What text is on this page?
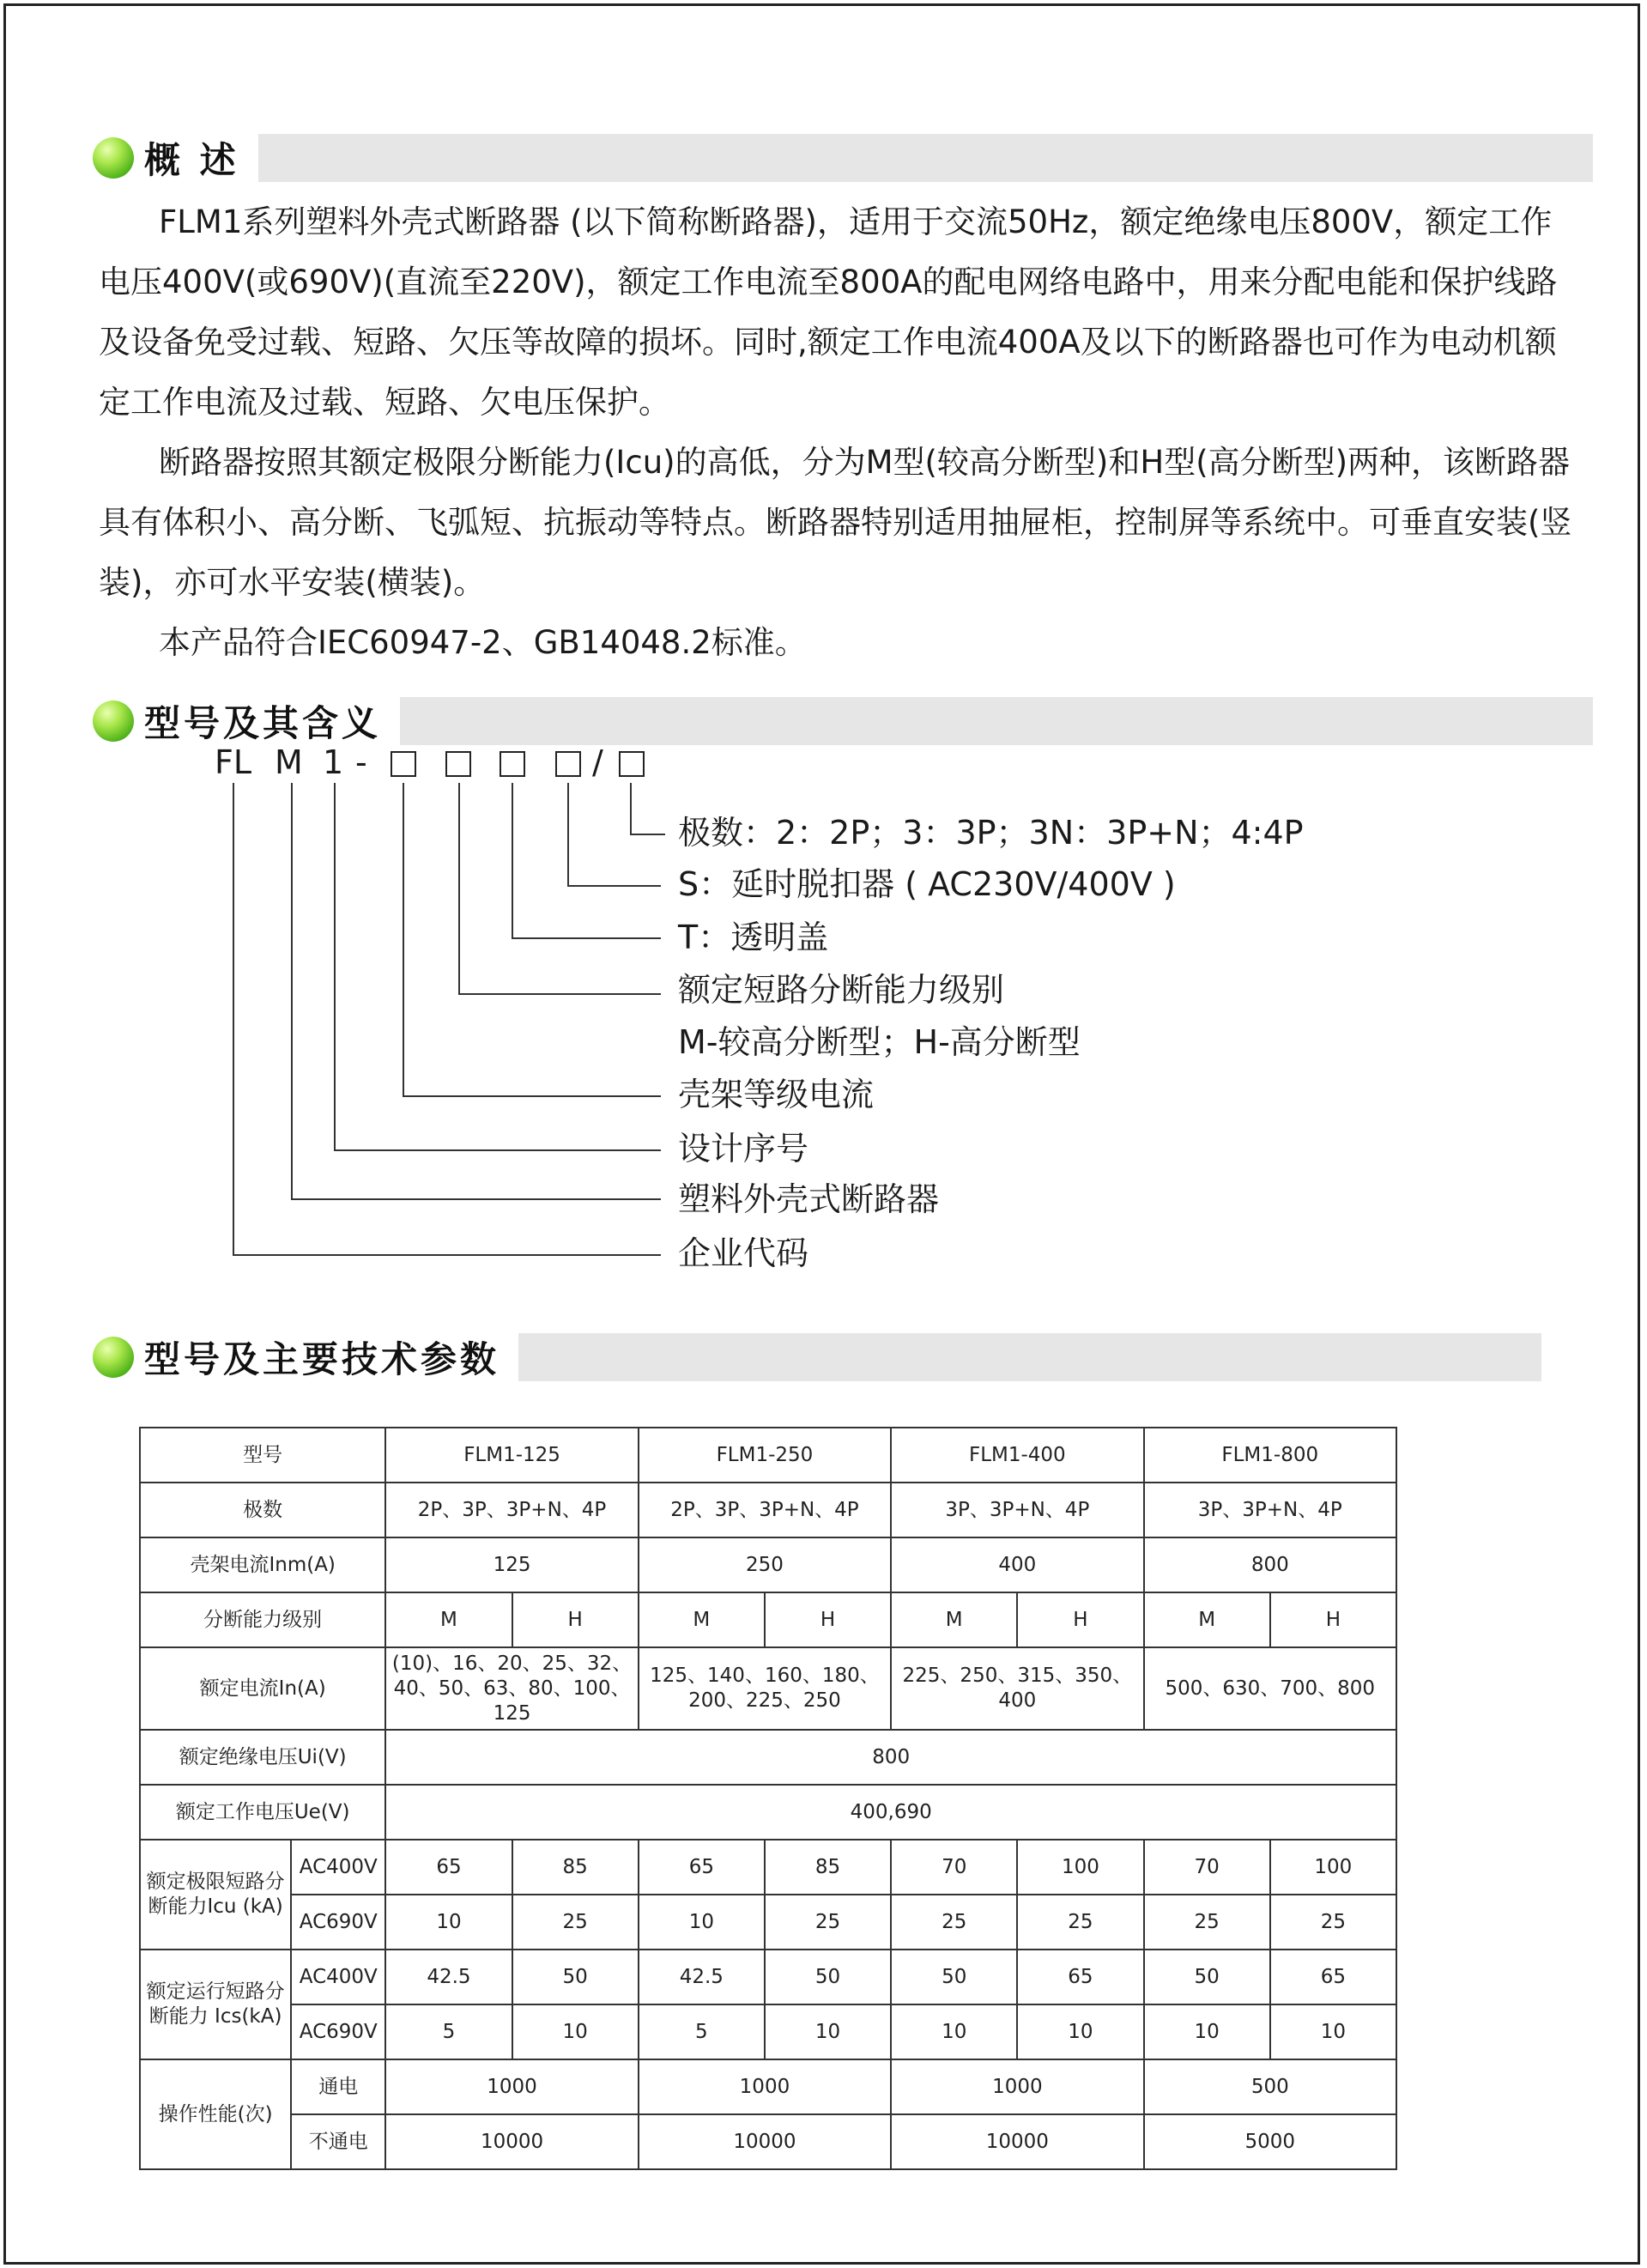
概 述
FLM1系列塑料外壳式断路器 (以下简称断路器)，适用于交流50Hz，额定绝缘电压800V，额定工作电压400V(或690V)(直流至220V)，额定工作电流至800A的配电网络电路中，用来分配电能和保护线路及设备免受过载、短路、欠压等故障的损坏。同时,额定工作电流400A及以下的断路器也可作为电动机额定工作电流及过载、短路、欠电压保护。
断路器按照其额定极限分断能力(Icu)的高低，分为M型(较高分断型)和H型(高分断型)两种，该断路器具有体积小、高分断、飞弧短、抗振动等特点。断路器特别适用抽屉柜，控制屏等系统中。可垂直安装(竖装)，亦可水平安装(横装)。
本产品符合IEC60947-2、GB14048.2标准。
型号及其含义
FL M 1 -	/
极数：2：2P；3：3P；3N：3P+N；4:4P
S：延时脱扣器 ( AC230V/400V )
T：透明盖
额定短路分断能力级别
M-较高分断型；H-高分断型
壳架等级电流
设计序号
塑料外壳式断路器
企业代码
型号及主要技术参数
型号		FLM1-125		FLM1-250		FLM1-400		FLM1-800	
极数		2P、3P、3P+N、4P		2P、3P、3P+N、4P		3P、3P+N、4P		3P、3P+N、4P	
壳架电流Inm(A)		125		250		400		800	
分断能力级别		M	H	M	H	M	H	M	H
额定电流In(A)		(10)、16、20、25、32、40、50、63、80、100、125		125、140、160、180、200、225、250		225、250、315、350、400		500、630、700、800	
额定绝缘电压Ui(V)		800							
额定工作电压Ue(V)		400,690							
额定极限短路分断能力Icu (kA)	AC400V	65	85	65	85	70	100	70	100
	AC690V	10	25	10	25	25	25	25	25
额定运行短路分断能力 Ics(kA)	AC400V	42.5	50	42.5	50	50	65	50	65
	AC690V	5	10	5	10	10	10	10	10
操作性能(次)	通电	1000		1000		1000		500	
	不通电	10000		10000		10000		5000	
